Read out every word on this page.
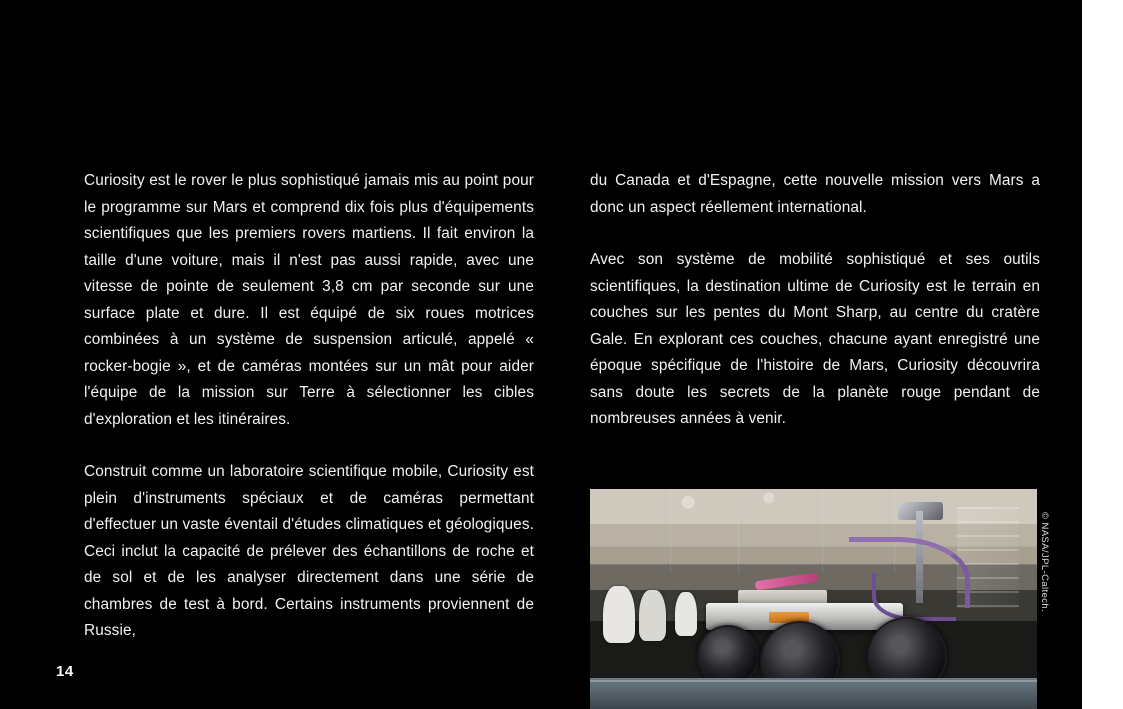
14

Curiosity est le rover le plus sophistiqué jamais mis au point pour le programme sur Mars et comprend dix fois plus d'équipements scientifiques que les premiers rovers martiens. Il fait environ la taille d'une voiture, mais il n'est pas aussi rapide, avec une vitesse de pointe de seulement 3,8 cm par seconde sur une surface plate et dure. Il est équipé de six roues motrices combinées à un système de suspension articulé, appelé « rocker-bogie », et de caméras montées sur un mât pour aider l'équipe de la mission sur Terre à sélectionner les cibles d'exploration et les itinéraires.

Construit comme un laboratoire scientifique mobile, Curiosity est plein d'instruments spéciaux et de caméras permettant d'effectuer un vaste éventail d'études climatiques et géologiques. Ceci inclut la capacité de prélever des échantillons de roche et de sol et de les analyser directement dans une série de chambres de test à bord. Certains instruments proviennent de Russie,

du Canada et d'Espagne, cette nouvelle mission vers Mars a donc un aspect réellement international.

Avec son système de mobilité sophistiqué et ses outils scientifiques, la destination ultime de Curiosity est le terrain en couches sur les pentes du Mont Sharp, au centre du cratère Gale. En explorant ces couches, chacune ayant enregistré une époque spécifique de l'histoire de Mars, Curiosity découvrira sans doute les secrets de la planète rouge pendant de nombreuses années à venir.

© NASA/JPL-Caltech.
